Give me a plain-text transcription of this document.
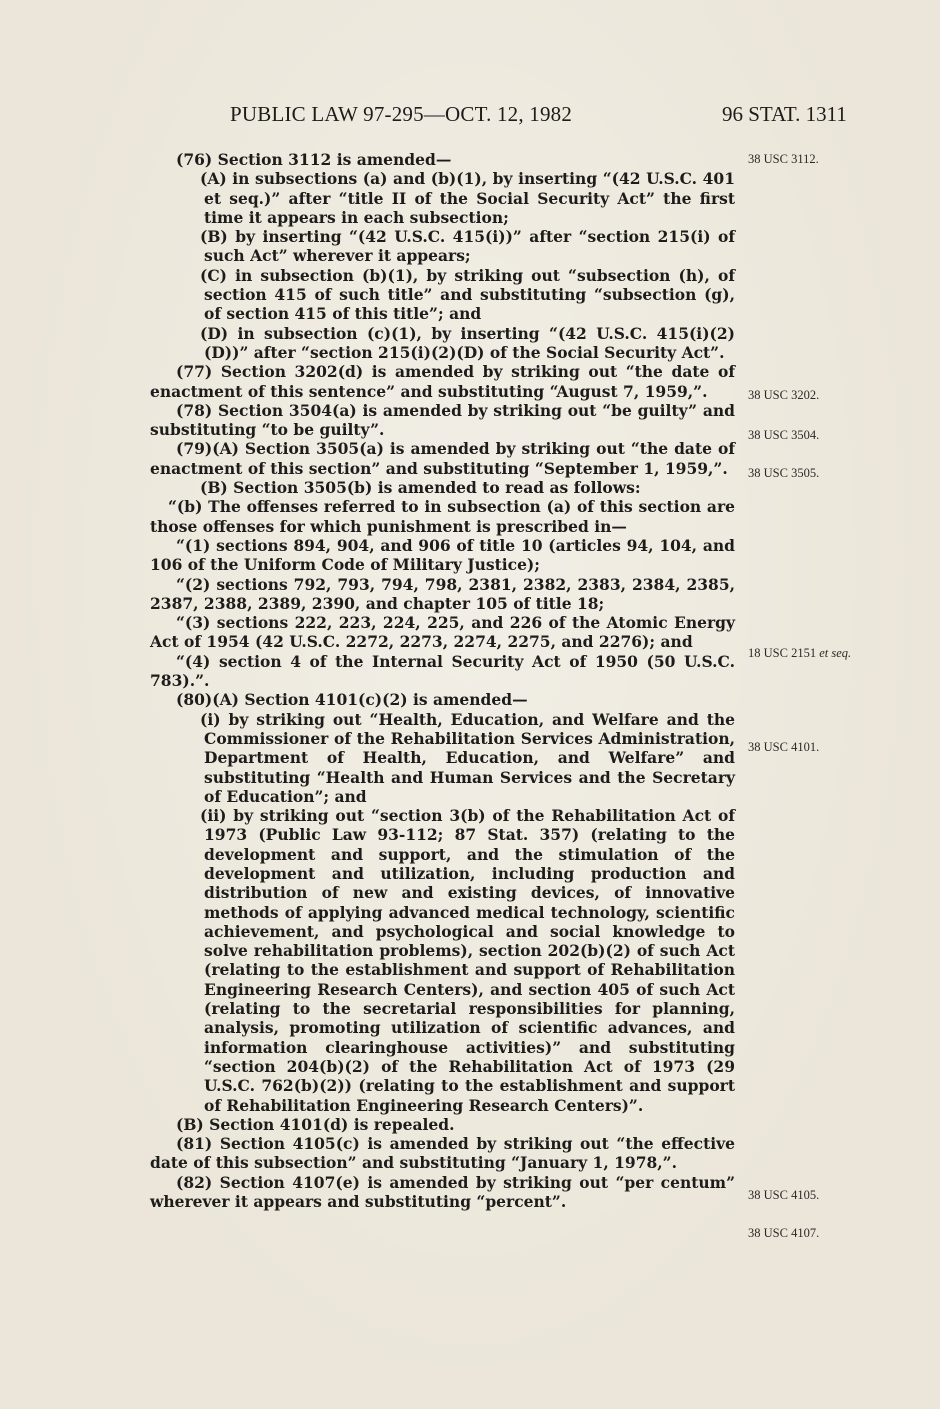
PUBLIC LAW 97-295—OCT. 12, 1982	96 STAT. 1311

(76) Section 3112 is amended—

(A) in subsections (a) and (b)(1), by inserting “(42 U.S.C. 401 et seq.)” after “title II of the Social Security Act” the first time it appears in each subsection;

(B) by inserting “(42 U.S.C. 415(i))” after “section 215(i) of such Act” wherever it appears;

(C) in subsection (b)(1), by striking out “subsection (h), of section 415 of such title” and substituting “subsection (g), of section 415 of this title”; and

(D) in subsection (c)(1), by inserting “(42 U.S.C. 415(i)(2)(D))” after “section 215(i)(2)(D) of the Social Security Act”.

(77) Section 3202(d) is amended by striking out “the date of enactment of this sentence” and substituting “August 7, 1959,”.

(78) Section 3504(a) is amended by striking out “be guilty” and substituting “to be guilty”.

(79)(A) Section 3505(a) is amended by striking out “the date of enactment of this section” and substituting “September 1, 1959,”.

(B) Section 3505(b) is amended to read as follows:

“(b) The offenses referred to in subsection (a) of this section are those offenses for which punishment is prescribed in—

“(1) sections 894, 904, and 906 of title 10 (articles 94, 104, and 106 of the Uniform Code of Military Justice);

“(2) sections 792, 793, 794, 798, 2381, 2382, 2383, 2384, 2385, 2387, 2388, 2389, 2390, and chapter 105 of title 18;

“(3) sections 222, 223, 224, 225, and 226 of the Atomic Energy Act of 1954 (42 U.S.C. 2272, 2273, 2274, 2275, and 2276); and

“(4) section 4 of the Internal Security Act of 1950 (50 U.S.C. 783).”.

(80)(A) Section 4101(c)(2) is amended—

(i) by striking out “Health, Education, and Welfare and the Commissioner of the Rehabilitation Services Administration, Department of Health, Education, and Welfare” and substituting “Health and Human Services and the Secretary of Education”; and

(ii) by striking out “section 3(b) of the Rehabilitation Act of 1973 (Public Law 93-112; 87 Stat. 357) (relating to the development and support, and the stimulation of the development and utilization, including production and distribution of new and existing devices, of innovative methods of applying advanced medical technology, scientific achievement, and psychological and social knowledge to solve rehabilitation problems), section 202(b)(2) of such Act (relating to the establishment and support of Rehabilitation Engineering Research Centers), and section 405 of such Act (relating to the secretarial responsibilities for planning, analysis, promoting utilization of scientific advances, and information clearinghouse activities)” and substituting “section 204(b)(2) of the Rehabilitation Act of 1973 (29 U.S.C. 762(b)(2)) (relating to the establishment and support of Rehabilitation Engineering Research Centers)”.

(B) Section 4101(d) is repealed.

(81) Section 4105(c) is amended by striking out “the effective date of this subsection” and substituting “January 1, 1978,”.

(82) Section 4107(e) is amended by striking out “per centum” wherever it appears and substituting “percent”.

38 USC 3112.
38 USC 3202.
38 USC 3504.
38 USC 3505.
18 USC 2151 et seq.
38 USC 4101.
38 USC 4105.
38 USC 4107.
